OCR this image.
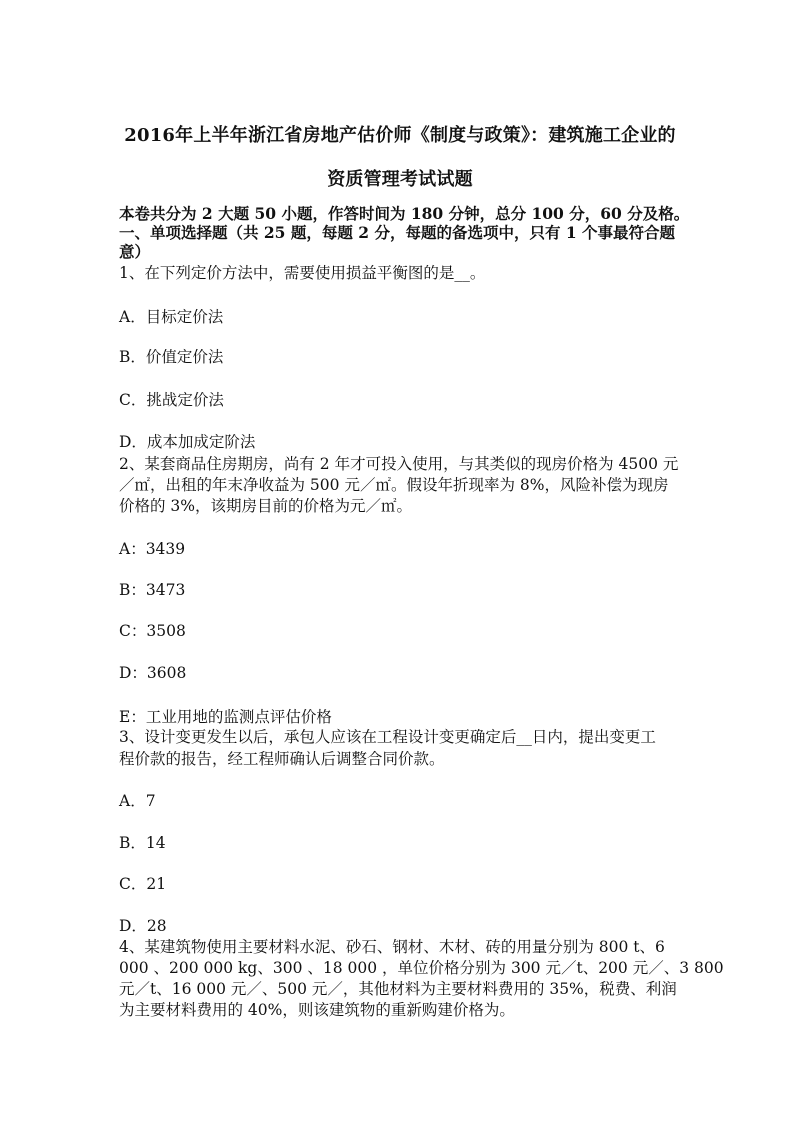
2016年上半年浙江省房地产估价师《制度与政策》：建筑施工企业的
资质管理考试试题
本卷共分为 2 大题 50 小题，作答时间为 180 分钟，总分 100 分，60 分及格。
一、单项选择题（共 25 题，每题 2 分，每题的备选项中，只有 1 个事最符合题
意）
1、在下列定价方法中，需要使用损益平衡图的是__。
A．目标定价法
B．价值定价法
C．挑战定价法
D．成本加成定阶法
2、某套商品住房期房，尚有 2 年才可投入使用，与其类似的现房价格为 4500 元
／㎡，出租的年末净收益为 500 元／㎡。假设年折现率为 8%，风险补偿为现房
价格的 3%，该期房目前的价格为元／㎡。
A：3439
B：3473
C：3508
D：3608
E：工业用地的监测点评估价格
3、设计变更发生以后，承包人应该在工程设计变更确定后__日内，提出变更工
程价款的报告，经工程师确认后调整合同价款。
A．7
B．14
C．21
D．28
4、某建筑物使用主要材料水泥、砂石、钢材、木材、砖的用量分别为 800 t、6
000 、200 000 kg、300 、18 000 ，单位价格分别为 300 元／t、200 元／、3 800
元／t、16 000 元／、500 元／，其他材料为主要材料费用的 35%，税费、利润
为主要材料费用的 40%，则该建筑物的重新购建价格为。
